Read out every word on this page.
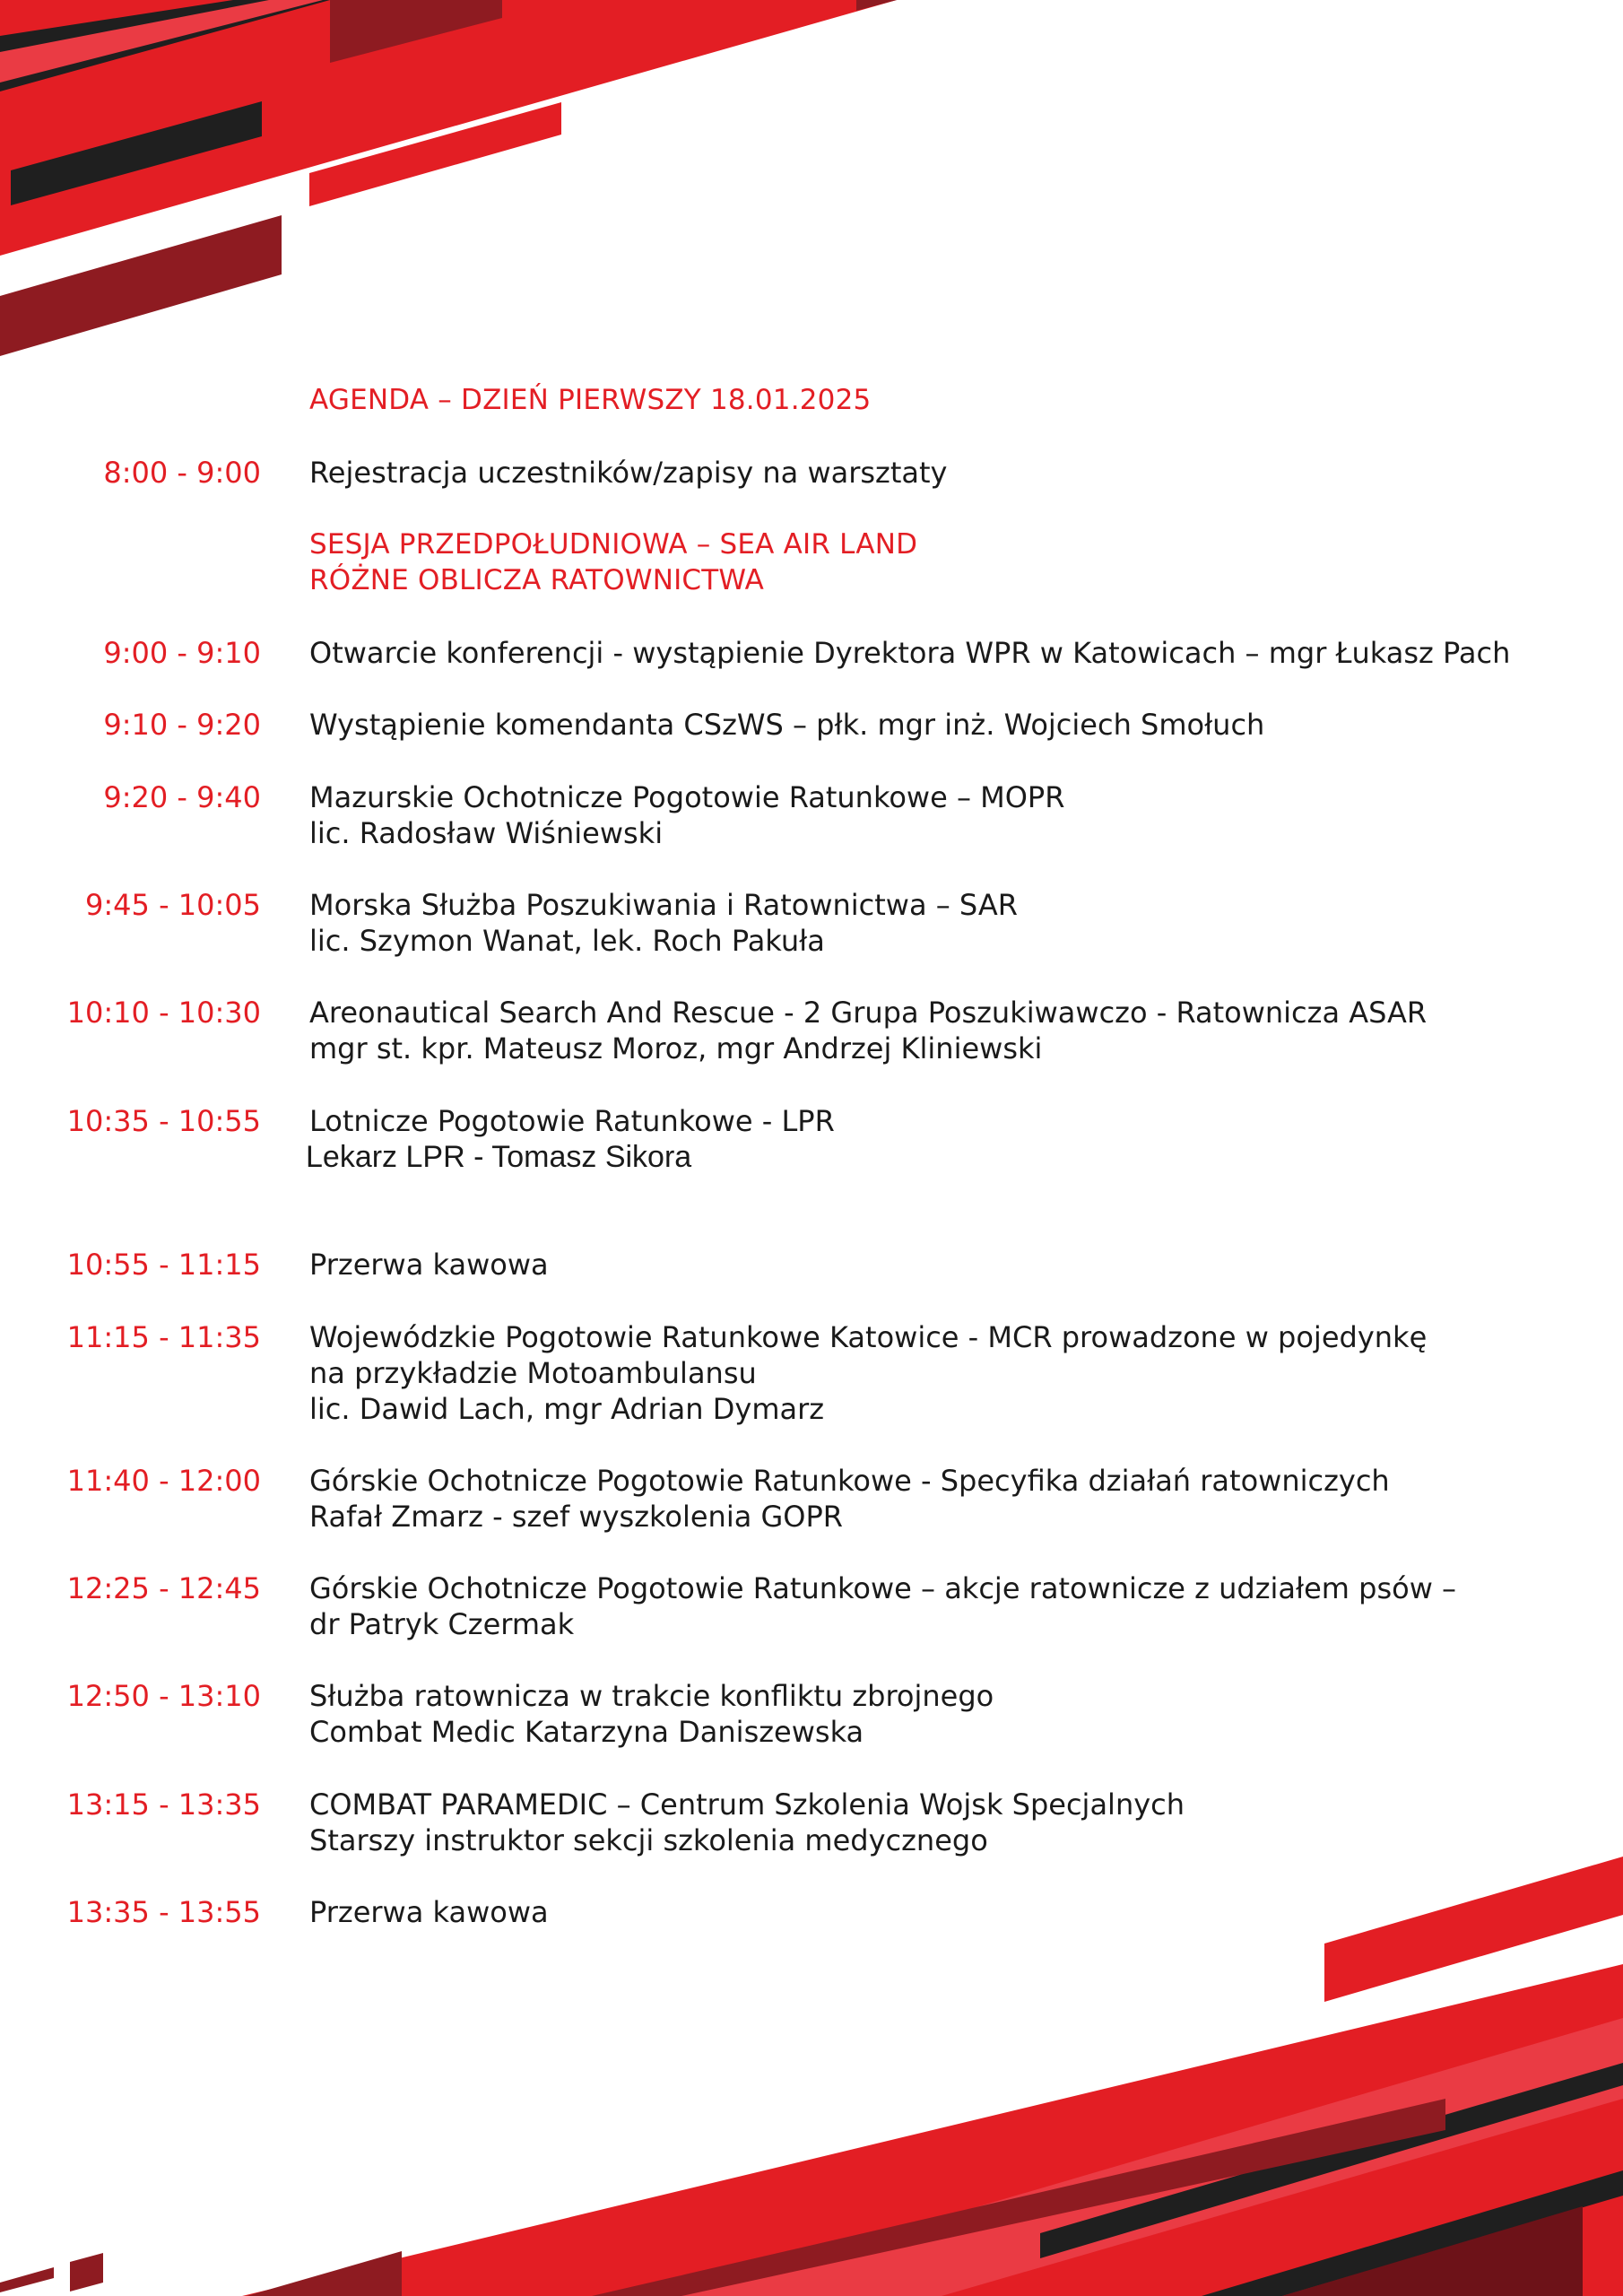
AGENDA – DZIEŃ PIERWSZY 18.01.2025
8:00 - 9:00 Rejestracja uczestników/zapisy na warsztaty
SESJA PRZEDPOŁUDNIOWA – SEA AIR LAND
RÓŻNE OBLICZA RATOWNICTWA
9:00 - 9:10 Otwarcie konferencji - wystąpienie Dyrektora WPR w Katowicach – mgr Łukasz Pach
9:10 - 9:20 Wystąpienie komendanta CSzWS – płk. mgr inż. Wojciech Smołuch
9:20 - 9:40 Mazurskie Ochotnicze Pogotowie Ratunkowe – MOPR
lic. Radosław Wiśniewski
9:45 - 10:05 Morska Służba Poszukiwania i Ratownictwa – SAR
lic. Szymon Wanat, lek. Roch Pakuła
10:10 - 10:30 Areonautical Search And Rescue - 2 Grupa Poszukiwawczo - Ratownicza ASAR
mgr st. kpr. Mateusz Moroz, mgr Andrzej Kliniewski
10:35 - 10:55 Lotnicze Pogotowie Ratunkowe - LPR
Lekarz LPR - Tomasz Sikora
10:55 - 11:15 Przerwa kawowa
11:15 - 11:35 Wojewódzkie Pogotowie Ratunkowe Katowice - MCR prowadzone w pojedynkę
na przykładzie Motoambulansu
lic. Dawid Lach, mgr Adrian Dymarz
11:40 - 12:00 Górskie Ochotnicze Pogotowie Ratunkowe - Specyfika działań ratowniczych
Rafał Zmarz - szef wyszkolenia GOPR
12:25 - 12:45 Górskie Ochotnicze Pogotowie Ratunkowe – akcje ratownicze z udziałem psów –
dr Patryk Czermak
12:50 - 13:10 Służba ratownicza w trakcie konfliktu zbrojnego
Combat Medic Katarzyna Daniszewska
13:15 - 13:35 COMBAT PARAMEDIC – Centrum Szkolenia Wojsk Specjalnych
Starszy instruktor sekcji szkolenia medycznego
13:35 - 13:55 Przerwa kawowa
